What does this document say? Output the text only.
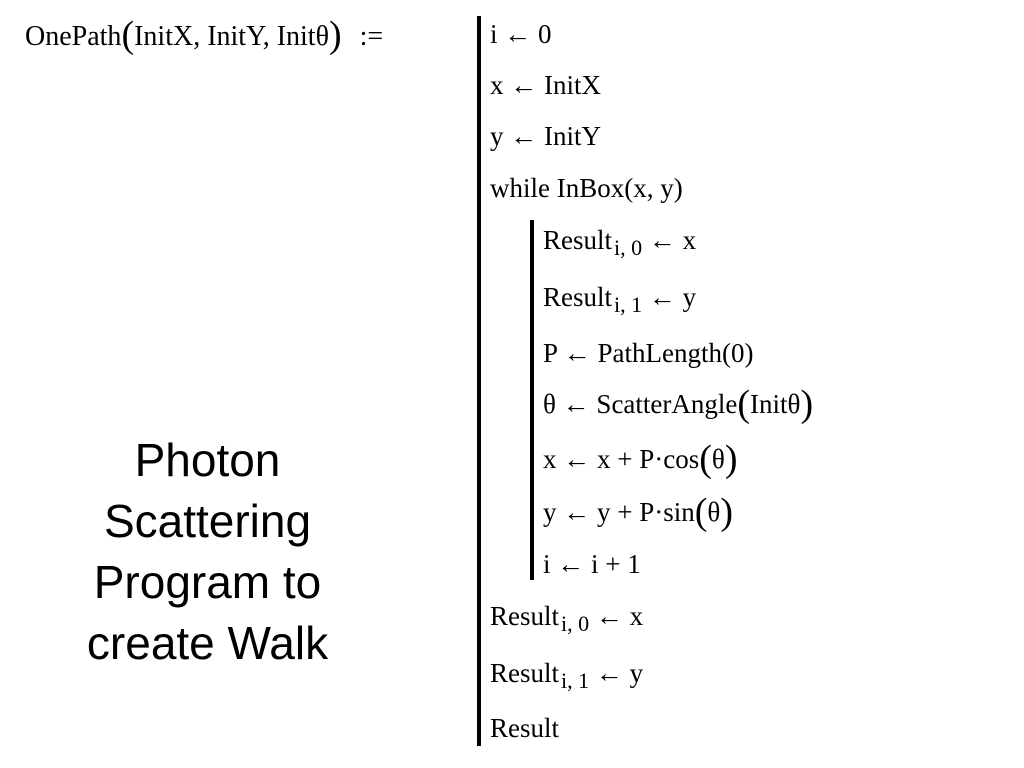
OnePath(InitX, InitY, Initθ) :=	i ← 0
x ← InitX
y ← InitY
while InBox(x, y)
Result$_{i, 0}$ ← x
Result$_{i, 1}$ ← y
P ← PathLength(0)
θ ← ScatterAngle(Initθ)
x ← x + P·cos(θ)
y ← y + P·sin(θ)
i ← i + 1
Result$_{i, 0}$ ← x
Result$_{i, 1}$ ← y
Result
Photon
Scattering
Program to
create Walk
